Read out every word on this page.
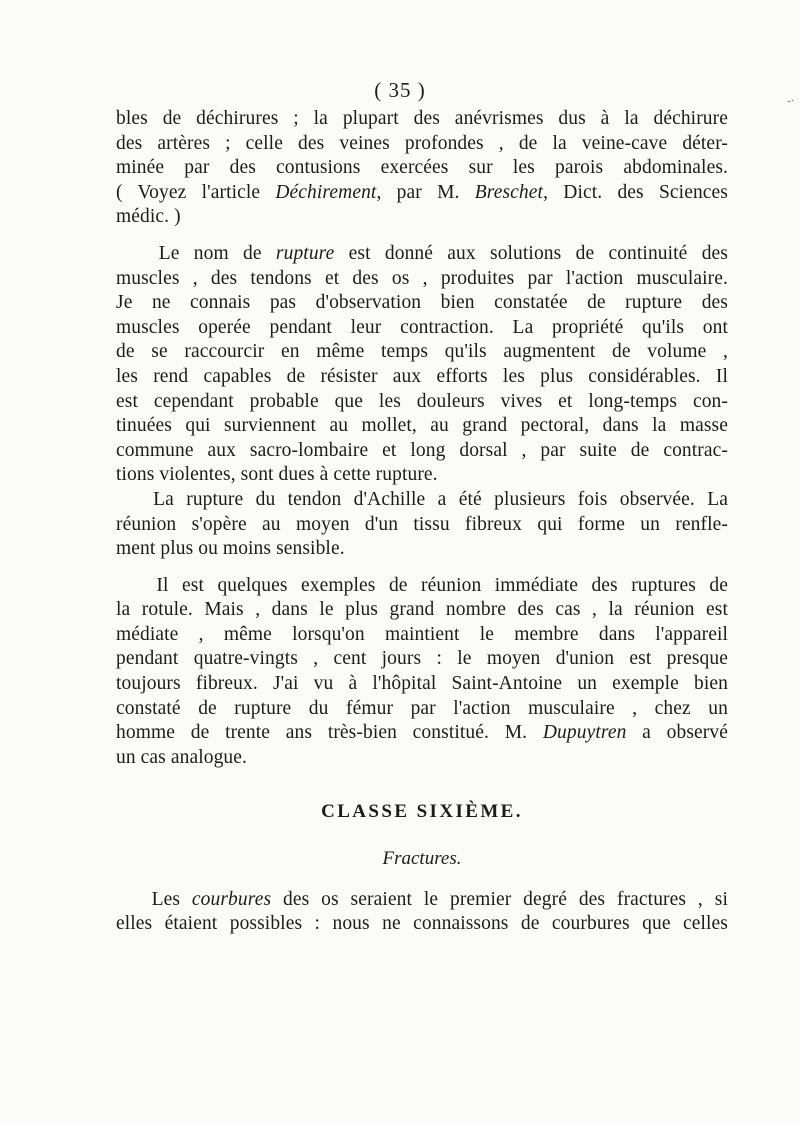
-·
( 35 )
bles de déchirures ; la plupart des anévrismes dus à la déchirure
des artères ; celle des veines profondes , de la veine-cave déter-
minée par des contusions exercées sur les parois abdominales.
( Voyez l'article Déchirement, par M. Breschet, Dict. des Sciences
médic. )
Le nom de rupture est donné aux solutions de continuité des
muscles , des tendons et des os , produites par l'action musculaire.
Je ne connais pas d'observation bien constatée de rupture des
muscles operée pendant leur contraction. La propriété qu'ils ont
de se raccourcir en même temps qu'ils augmentent de volume ,
les rend capables de résister aux efforts les plus considérables. Il
est cependant probable que les douleurs vives et long-temps con-
tinuées qui surviennent au mollet, au grand pectoral, dans la masse
commune aux sacro-lombaire et long dorsal , par suite de contrac-
tions violentes, sont dues à cette rupture.
La rupture du tendon d'Achille a été plusieurs fois observée. La
réunion s'opère au moyen d'un tissu fibreux qui forme un renfle-
ment plus ou moins sensible.
Il est quelques exemples de réunion immédiate des ruptures de
la rotule. Mais , dans le plus grand nombre des cas , la réunion est
médiate , même lorsqu'on maintient le membre dans l'appareil
pendant quatre-vingts , cent jours : le moyen d'union est presque
toujours fibreux. J'ai vu à l'hôpital Saint-Antoine un exemple bien
constaté de rupture du fémur par l'action musculaire , chez un
homme de trente ans très-bien constitué. M. Dupuytren a observé
un cas analogue.
CLASSE SIXIÈME.
Fractures.
Les courbures des os seraient le premier degré des fractures , si
elles étaient possibles : nous ne connaissons de courbures que celles
